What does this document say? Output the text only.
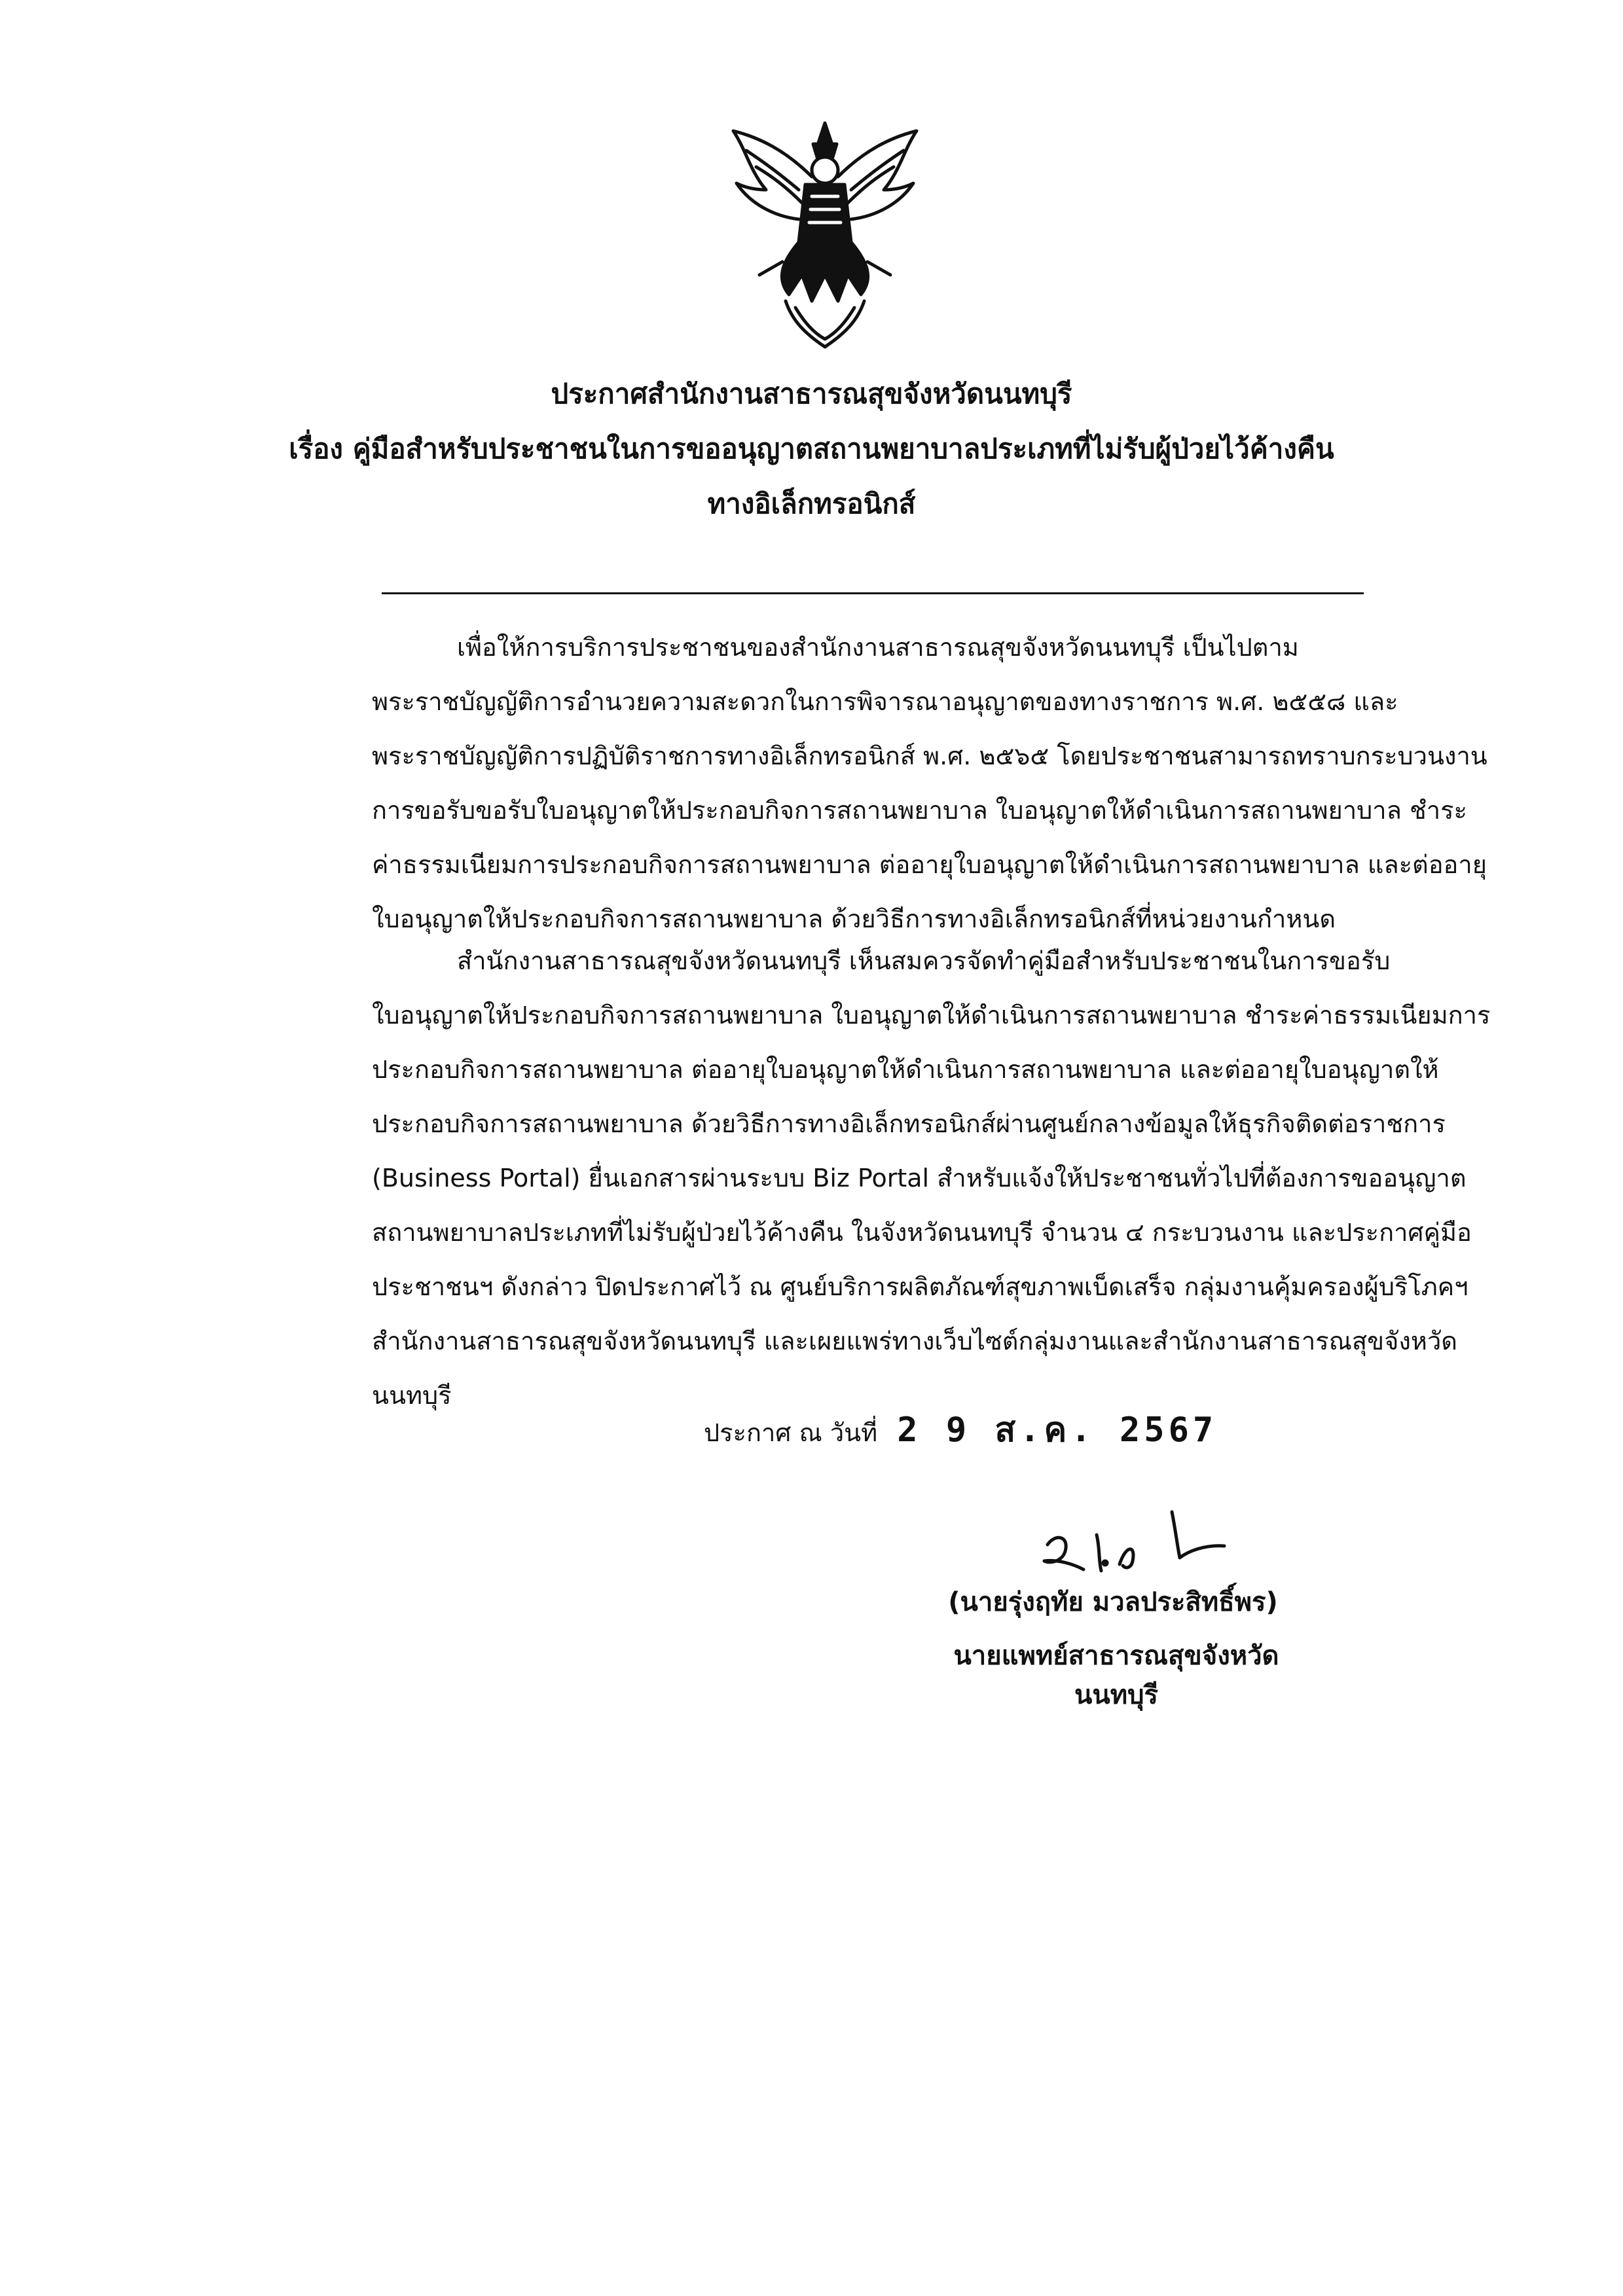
ประกาศสำนักงานสาธารณสุขจังหวัดนนทบุรี
เรื่อง คู่มือสำหรับประชาชนในการขออนุญาตสถานพยาบาลประเภทที่ไม่รับผู้ป่วยไว้ค้างคืน
ทางอิเล็กทรอนิกส์
เพื่อให้การบริการประชาชนของสำนักงานสาธารณสุขจังหวัดนนทบุรี เป็นไปตาม
พระราชบัญญัติการอำนวยความสะดวกในการพิจารณาอนุญาตของทางราชการ พ.ศ. ๒๕๕๘ และ
พระราชบัญญัติการปฏิบัติราชการทางอิเล็กทรอนิกส์ พ.ศ. ๒๕๖๕ โดยประชาชนสามารถทราบกระบวนงาน
การขอรับขอรับใบอนุญาตให้ประกอบกิจการสถานพยาบาล ใบอนุญาตให้ดำเนินการสถานพยาบาล ชำระ
ค่าธรรมเนียมการประกอบกิจการสถานพยาบาล ต่ออายุใบอนุญาตให้ดำเนินการสถานพยาบาล และต่ออายุ
ใบอนุญาตให้ประกอบกิจการสถานพยาบาล ด้วยวิธีการทางอิเล็กทรอนิกส์ที่หน่วยงานกำหนด
สำนักงานสาธารณสุขจังหวัดนนทบุรี เห็นสมควรจัดทำคู่มือสำหรับประชาชนในการขอรับ
ใบอนุญาตให้ประกอบกิจการสถานพยาบาล ใบอนุญาตให้ดำเนินการสถานพยาบาล ชำระค่าธรรมเนียมการ
ประกอบกิจการสถานพยาบาล ต่ออายุใบอนุญาตให้ดำเนินการสถานพยาบาล และต่ออายุใบอนุญาตให้
ประกอบกิจการสถานพยาบาล ด้วยวิธีการทางอิเล็กทรอนิกส์ผ่านศูนย์กลางข้อมูลให้ธุรกิจติดต่อราชการ
(Business Portal) ยื่นเอกสารผ่านระบบ Biz Portal สำหรับแจ้งให้ประชาชนทั่วไปที่ต้องการขออนุญาต
สถานพยาบาลประเภทที่ไม่รับผู้ป่วยไว้ค้างคืน ในจังหวัดนนทบุรี จำนวน ๔ กระบวนงาน และประกาศคู่มือ
ประชาชนฯ ดังกล่าว ปิดประกาศไว้ ณ ศูนย์บริการผลิตภัณฑ์สุขภาพเบ็ดเสร็จ กลุ่มงานคุ้มครองผู้บริโภคฯ
สำนักงานสาธารณสุขจังหวัดนนทบุรี และเผยแพร่ทางเว็บไซต์กลุ่มงานและสำนักงานสาธารณสุขจังหวัด
นนทบุรี
ประกาศ ณ วันที่ 2 9 ส.ค. 2567
(นายรุ่งฤทัย มวลประสิทธิ์พร)
นายแพทย์สาธารณสุขจังหวัดนนทบุรี
